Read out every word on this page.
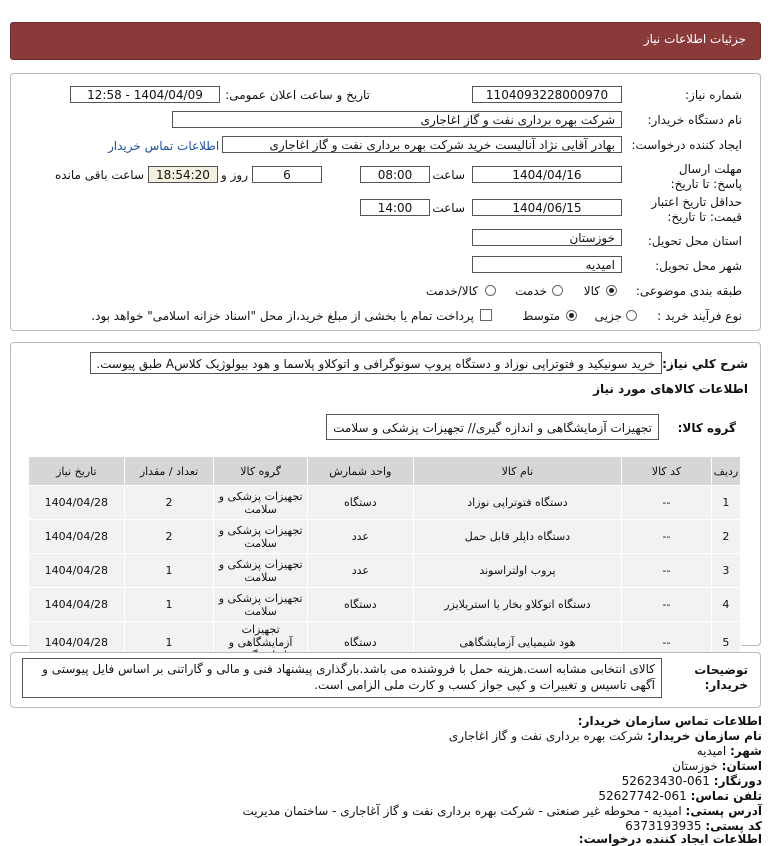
جزئیات اطلاعات نیاز
شماره نیاز:
1104093228000970
تاریخ و ساعت اعلان عمومی:
1404/04/09 - 12:58
نام دستگاه خریدار:
شرکت بهره برداری نفت و گاز اغاجاری
ایجاد کننده درخواست:
بهادر آقایی نژاد آنالیست خرید شرکت بهره برداری نفت و گاز اغاجاری
اطلاعات تماس خریدار
مهلت ارسال پاسخ: تا تاریخ:
1404/04/16
ساعت
08:00
6
روز و
18:54:20
ساعت باقی مانده
حداقل تاریخ اعتبار قیمت: تا تاریخ:
1404/06/15
ساعت
14:00
استان محل تحویل:
خوزستان
شهر محل تحویل:
امیدیه
طبقه بندی موضوعی:
کالا
خدمت
کالا/خدمت
نوع فرآیند خرید :
جزیی
متوسط
پرداخت تمام یا بخشی از مبلغ خرید،از محل "اسناد خزانه اسلامی" خواهد بود.
شرح کلي نياز:
خرید سونیکید و فتوتراپی نوزاد و دستگاه پروپ سونوگرافی و اتوکلاو پلاسما و هود بیولوژیک کلاسA طبق پیوست.
اطلاعات کالاهای مورد نیاز
گروه کالا:
تجهیزات آزمایشگاهی و اندازه گیری// تجهیزات پزشکی و سلامت
ردیف	کد کالا	نام کالا	واحد شمارش	گروه کالا	تعداد / مقدار	تاریخ نیاز
1	--	دستگاه فتوتراپی نوزاد	دستگاه	تجهیزات پزشکی و سلامت	2	1404/04/28
2	--	دستگاه داپلر قابل حمل	عدد	تجهیزات پزشکی و سلامت	2	1404/04/28
3	--	پروب اولتراسوند	عدد	تجهیزات پزشکی و سلامت	1	1404/04/28
4	--	دستگاه اتوکلاو بخار یا استریلایزر	دستگاه	تجهیزات پزشکی و سلامت	1	1404/04/28
5	--	هود شیمیایی آزمایشگاهی	دستگاه	تجهیزات آزمایشگاهی و	1	1404/04/28
توضیحات خریدار:
کالای انتخابی مشابه است.هزینه حمل با فروشنده می باشد.بارگذاری پیشنهاد فنی و مالی و گاراتنی بر اساس فایل پیوستی و آگهی تاسیس و تغییرات و کپی جواز کسب و کارت ملی الزامی است.
اطلاعات تماس سازمان خریدار:
نام سازمان خریدار: شرکت بهره برداری نفت و گاز اغاجاری
شهر: امیدیه
استان: خوزستان
دورنگار: 061-52623430
تلفن تماس: 061-52627742
آدرس پستی: امیدیه - محوطه غیر صنعتی - شرکت بهره برداری نفت و گاز آغاجاری - ساختمان مدیریت
کد پستی: 6373193935
اطلاعات ایجاد کننده درخواست:
